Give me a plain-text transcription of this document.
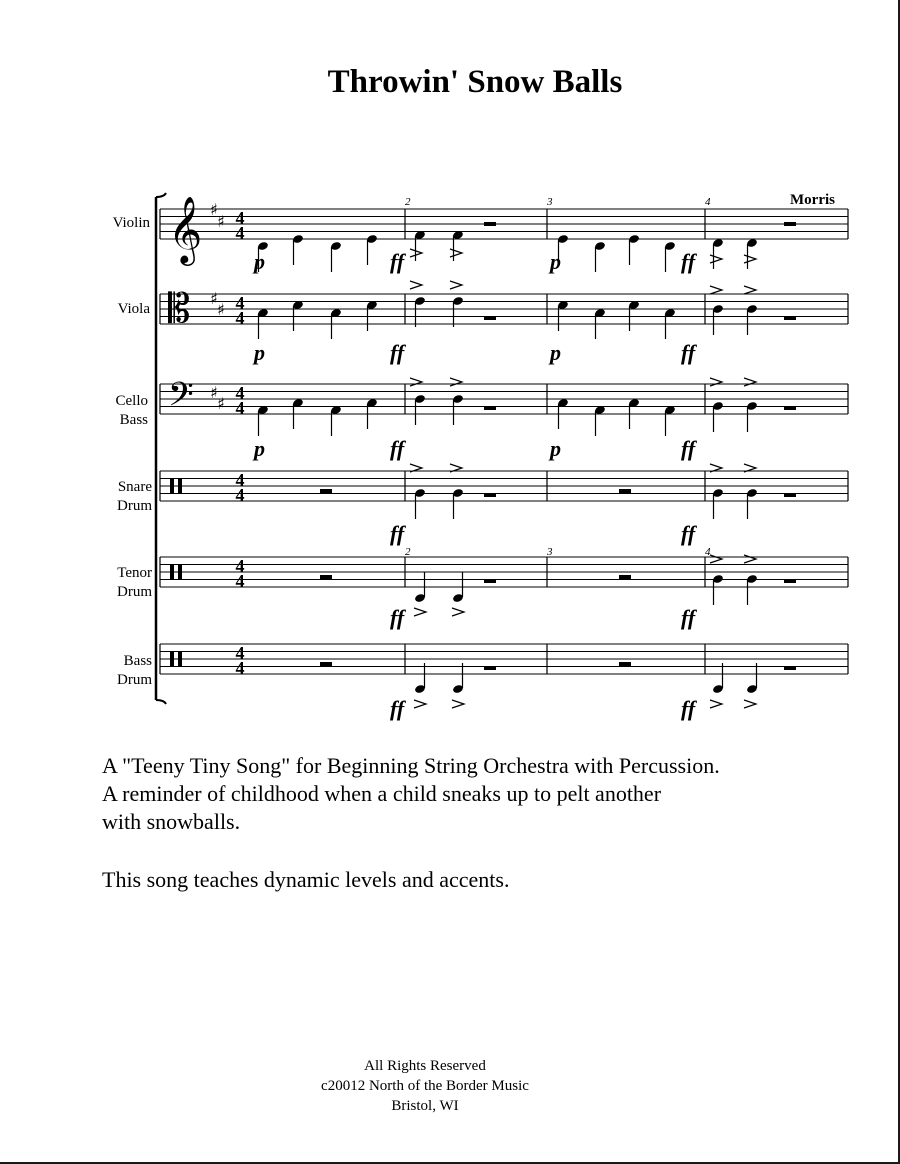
Throwin' Snow Balls
Morris
Violin
Viola
Cello
Bass
Snare
Drum
Tenor
Drum
Bass
Drum
𝄞 ♯
♯ 4
4
𝄡 ♯
♯ 4
4
𝄢 ♯
♯
4
4
4
4
4
4
4
4
p	ff	p	ff
2	3	4
p	ff	p	ff
p	ff	p	ff
ff	ff
ff	ff
2	3	4
ff	ff

A "Teeny Tiny Song" for Beginning String Orchestra with Percussion.

A reminder of childhood when a child sneaks up to pelt another

with snowballs.

This song teaches dynamic levels and accents.

All Rights Reserved
c20012 North of the Border Music
Bristol, WI
